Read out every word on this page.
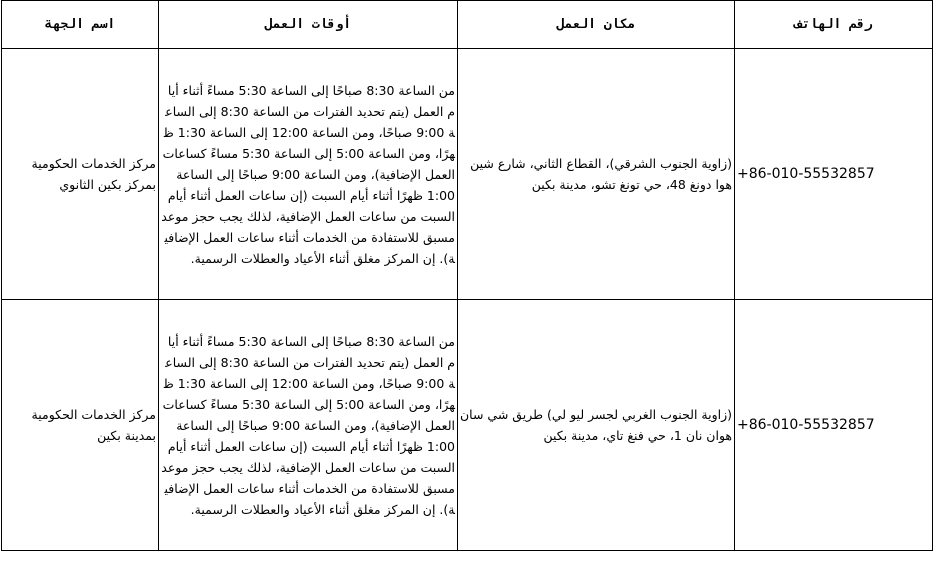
اسم الجهة	أوقات العمل	مكان العمل	رقم الهاتف
مركز الخدمات الحكومية بمركز بكين الثانوي	من الساعة 8:30 صباحًا إلى الساعة 5:30 مساءً أثناء أيام العمل (يتم تحديد الفترات من الساعة 8:30 إلى الساعة 9:00 صباحًا، ومن الساعة 12:00 إلى الساعة 1:30 ظهرًا، ومن الساعة 5:00 إلى الساعة 5:30 مساءً كساعات العمل الإضافية)، ومن الساعة 9:00 صباحًا إلى الساعة 1:00 ظهرًا أثناء أيام السبت (إن ساعات العمل أثناء أيام السبت من ساعات العمل الإضافية، لذلك يجب حجز موعد مسبق للاستفادة من الخدمات أثناء ساعات العمل الإضافية). إن المركز مغلق أثناء الأعياد والعطلات الرسمية.	(زاوية الجنوب الشرقي)، القطاع الثاني، شارع شين هوا دونغ 48، حي تونغ تشو، مدينة بكين	+86-010-55532857
مركز الخدمات الحكومية بمدينة بكين	من الساعة 8:30 صباحًا إلى الساعة 5:30 مساءً أثناء أيام العمل (يتم تحديد الفترات من الساعة 8:30 إلى الساعة 9:00 صباحًا، ومن الساعة 12:00 إلى الساعة 1:30 ظهرًا، ومن الساعة 5:00 إلى الساعة 5:30 مساءً كساعات العمل الإضافية)، ومن الساعة 9:00 صباحًا إلى الساعة 1:00 ظهرًا أثناء أيام السبت (إن ساعات العمل أثناء أيام السبت من ساعات العمل الإضافية، لذلك يجب حجز موعد مسبق للاستفادة من الخدمات أثناء ساعات العمل الإضافية). إن المركز مغلق أثناء الأعياد والعطلات الرسمية.	(زاوية الجنوب الغربي لجسر ليو لي) طريق شي سان هوان نان 1، حي فنغ تاي، مدينة بكين	+86-010-55532857
